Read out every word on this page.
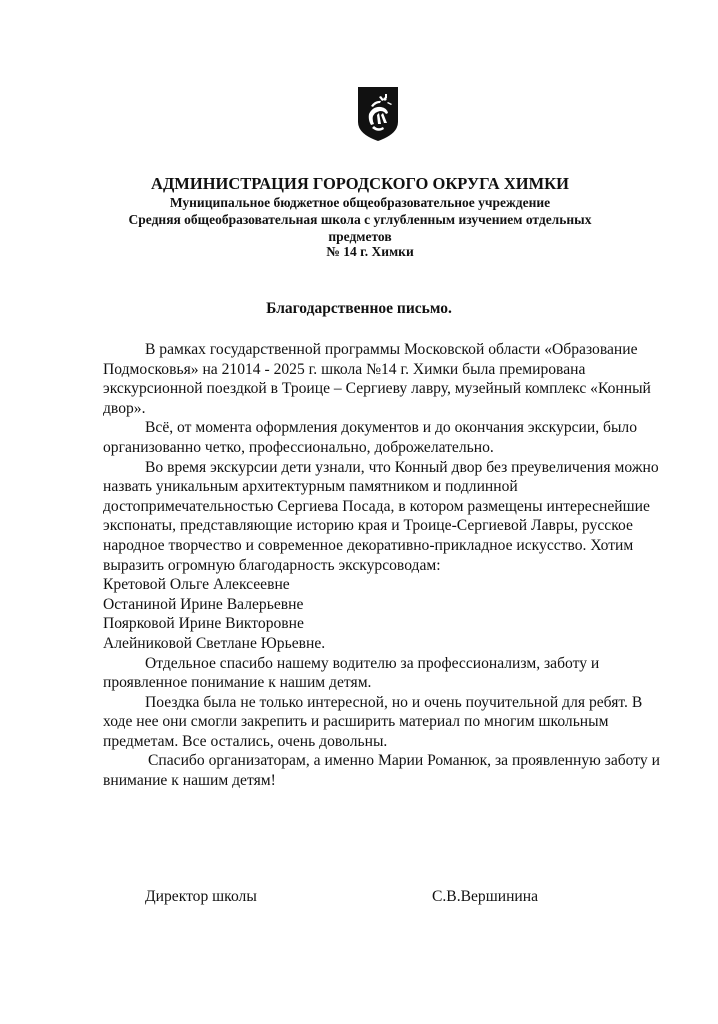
АДМИНИСТРАЦИЯ ГОРОДСКОГО ОКРУГА ХИМКИ
Муниципальное бюджетное общеобразовательное учреждение
Средняя общеобразовательная школа с углубленным изучением отдельных
предметов
№ 14 г. Химки
Благодарственное письмо.

В рамках государственной программы Московской области «Образование Подмосковья» на 21014 - 2025 г. школа №14 г. Химки была премирована экскурсионной поездкой в Троице – Сергиеву лавру, музейный комплекс «Конный двор».

Всё, от момента оформления документов и до окончания экскурсии, было организованно четко, профессионально, доброжелательно.

Во время экскурсии дети узнали, что Конный двор без преувеличения можно назвать уникальным архитектурным памятником и подлинной достопримечательностью Сергиева Посада, в котором размещены интереснейшие экспонаты, представляющие историю края и Троице-Сергиевой Лавры, русское народное творчество и современное декоративно-прикладное искусство. Хотим выразить огромную благодарность экскурсоводам:

Кретовой Ольге Алексеевне

Останиной Ирине Валерьевне

Поярковой Ирине Викторовне

Алейниковой Светлане Юрьевне.

Отдельное спасибо нашему водителю за профессионализм, заботу и проявленное понимание к нашим детям.

Поездка была не только интересной, но и очень поучительной для ребят. В ходе нее они смогли закрепить и расширить материал по многим школьным предметам. Все остались, очень довольны.

Спасибо организаторам, а именно Марии Романюк, за проявленную заботу и внимание к нашим детям!

Директор школы	С.В.Вершинина
